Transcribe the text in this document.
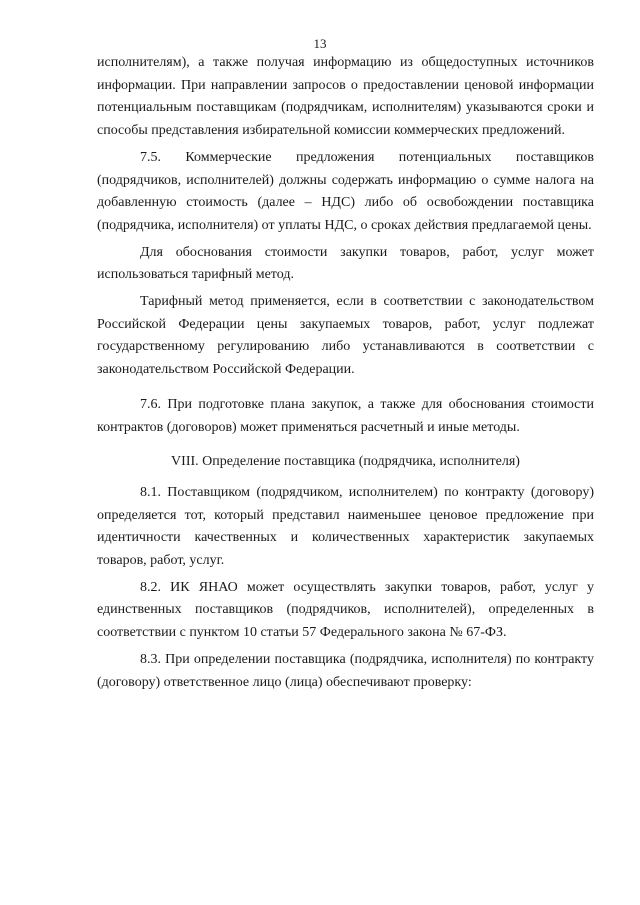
13

исполнителям), а также получая информацию из общедоступных источников информации. При направлении запросов о предоставлении ценовой информации потенциальным поставщикам (подрядчикам, исполнителям) указываются сроки и способы представления избирательной комиссии коммерческих предложений.

7.5. Коммерческие предложения потенциальных поставщиков (подрядчиков, исполнителей) должны содержать информацию о сумме налога на добавленную стоимость (далее – НДС) либо об освобождении поставщика (подрядчика, исполнителя) от уплаты НДС, о сроках действия предлагаемой цены.

Для обоснования стоимости закупки товаров, работ, услуг может использоваться тарифный метод.

Тарифный метод применяется, если в соответствии с законодательством Российской Федерации цены закупаемых товаров, работ, услуг подлежат государственному регулированию либо устанавливаются в соответствии с законодательством Российской Федерации.

7.6. При подготовке плана закупок, а также для обоснования стоимости контрактов (договоров) может применяться расчетный и иные методы.

VIII. Определение поставщика (подрядчика, исполнителя)

8.1. Поставщиком (подрядчиком, исполнителем) по контракту (договору) определяется тот, который представил наименьшее ценовое предложение при идентичности качественных и количественных характеристик закупаемых товаров, работ, услуг.

8.2. ИК ЯНАО может осуществлять закупки товаров, работ, услуг у единственных поставщиков (подрядчиков, исполнителей), определенных в соответствии с пунктом 10 статьи 57 Федерального закона № 67-ФЗ.

8.3. При определении поставщика (подрядчика, исполнителя) по контракту (договору) ответственное лицо (лица) обеспечивают проверку:
